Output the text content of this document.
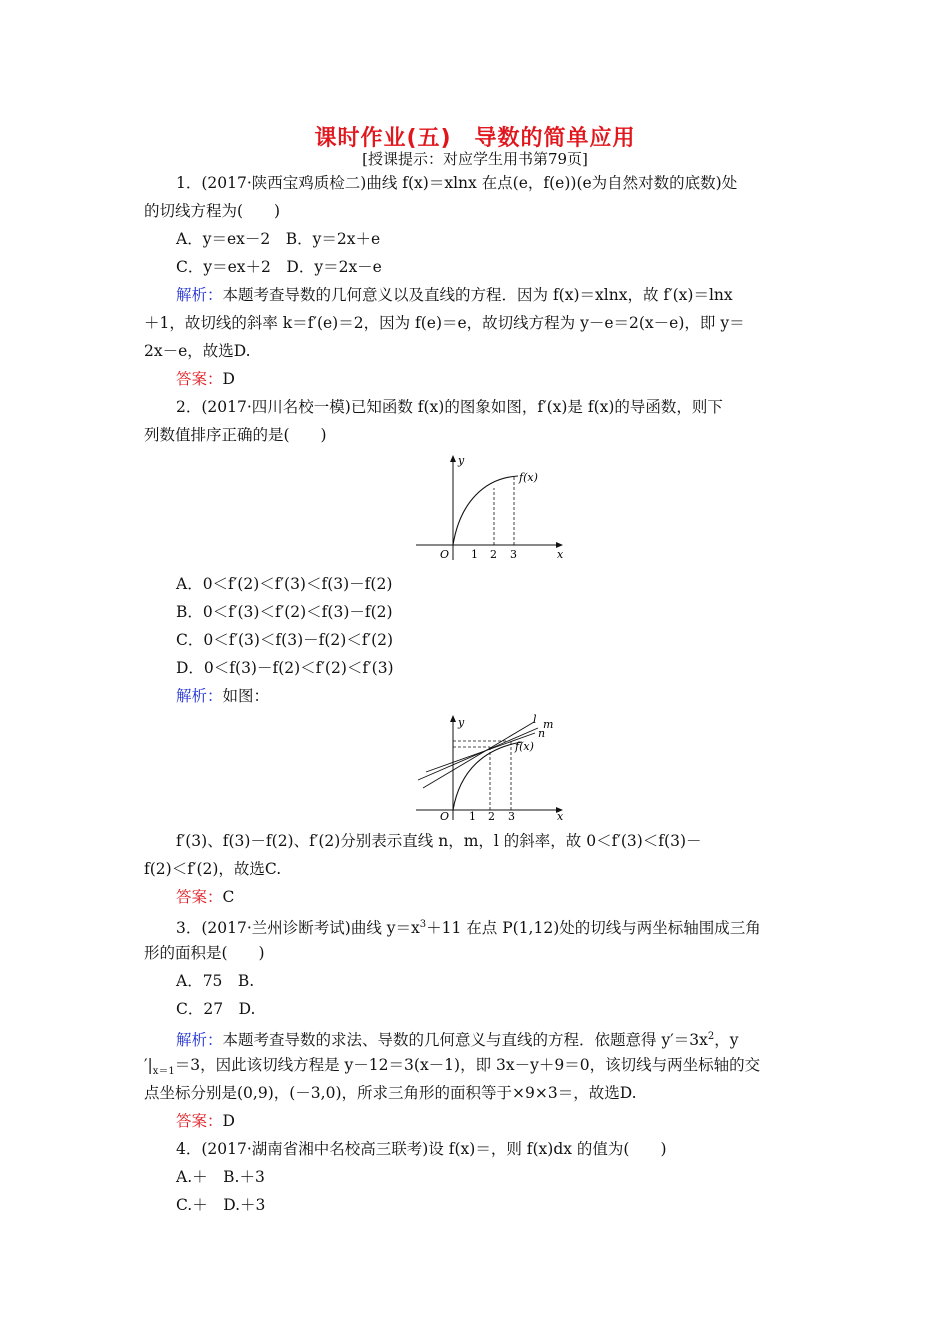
课时作业(五)　导数的简单应用
[授课提示：对应学生用书第79页]
1．(2017·陕西宝鸡质检二)曲线 f(x)＝xlnx 在点(e，f(e))(e为自然对数的底数)处
的切线方程为(　　)
A．y＝ex－2　B．y＝2x＋e
C．y＝ex＋2　D．y＝2x－e
解析：本题考查导数的几何意义以及直线的方程．因为 f(x)＝xlnx，故 f′(x)＝lnx
＋1，故切线的斜率 k＝f′(e)＝2，因为 f(e)＝e，故切线方程为 y－e＝2(x－e)，即 y＝
2x－e，故选D.
答案：D
2．(2017·四川名校一模)已知函数 f(x)的图象如图，f′(x)是 f(x)的导函数，则下
列数值排序正确的是(　　)
y
x
O 1 2 3
f(x)
A．0＜f′(2)＜f′(3)＜f(3)－f(2)
B．0＜f′(3)＜f′(2)＜f(3)－f(2)
C．0＜f′(3)＜f(3)－f(2)＜f′(2)
D．0＜f(3)－f(2)＜f′(2)＜f′(3)
解析：如图：
y
x
O 1 2 3
f(x)
l m
n
f′(3)、f(3)－f(2)、f′(2)分别表示直线 n，m，l 的斜率，故 0＜f′(3)＜f(3)－
f(2)＜f′(2)，故选C.
答案：C
3．(2017·兰州诊断考试)曲线 $y=x^3+11$ 在点 P(1,12)处的切线与两坐标轴围成三角
形的面积是(　　)
A．75　B.
C．27　D.
解析：本题考查导数的求法、导数的几何意义与直线的方程．依题意得 $y'=3x^2$，y
$'|_{x=1}=3$，因此该切线方程是 y－12＝3(x－1)，即 3x－y＋9＝0，该切线与两坐标轴的交
点坐标分别是(0,9)，(－3,0)，所求三角形的面积等于×9×3＝，故选D.
答案：D
4．(2017·湖南省湘中名校高三联考)设 f(x)＝，则 f(x)dx 的值为(　　)
A.＋　B.＋3
C.＋　D.＋3
